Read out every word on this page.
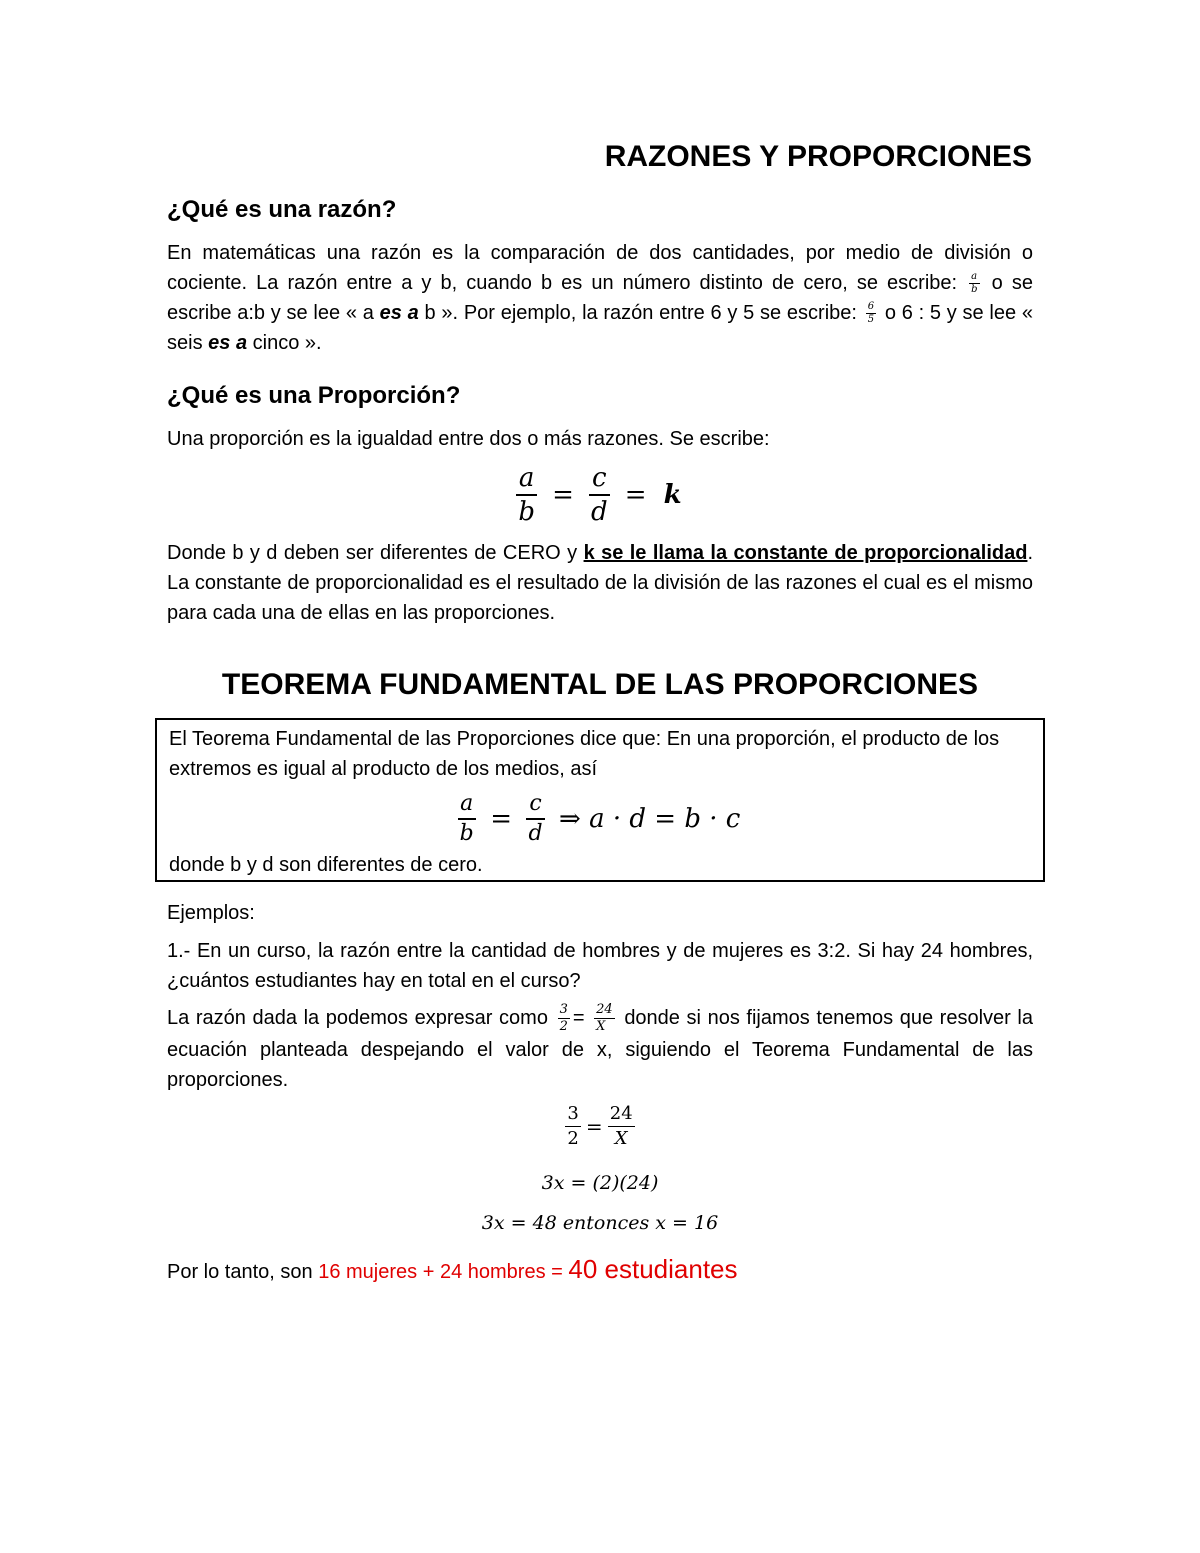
RAZONES Y PROPORCIONES
¿Qué es una razón?
En matemáticas una razón es la comparación de dos cantidades, por medio de división o cociente. La razón entre a y b, cuando b es un número distinto de cero, se escribe: $\frac{a}{b}$ o se escribe a:b y se lee « a es a b ». Por ejemplo, la razón entre 6 y 5 se escribe: $\frac{6}{5}$ o 6 : 5 y se lee « seis es a cinco ».
¿Qué es una Proporción?
Una proporción es la igualdad entre dos o más razones. Se escribe:
$\frac{a}{b} = \frac{c}{d} = k$
Donde b y d deben ser diferentes de CERO y k se le llama la constante de proporcionalidad. La constante de proporcionalidad es el resultado de la división de las razones el cual es el mismo para cada una de ellas en las proporciones.
TEOREMA FUNDAMENTAL DE LAS PROPORCIONES
El Teorema Fundamental de las Proporciones dice que: En una proporción, el producto de los extremos es igual al producto de los medios, así
$\frac{a}{b} = \frac{c}{d}$ ⇒ a · d = b · c
donde b y d son diferentes de cero.
Ejemplos:
1.- En un curso, la razón entre la cantidad de hombres y de mujeres es 3:2. Si hay 24 hombres, ¿cuántos estudiantes hay en total en el curso?
La razón dada la podemos expresar como $\frac{3}{2} = \frac{24}{X}$ donde si nos fijamos tenemos que resolver la ecuación planteada despejando el valor de x, siguiendo el Teorema Fundamental de las proporciones.
$\frac{3}{2} = \frac{24}{X}$
3x = (2)(24)
3x = 48 entonces x = 16
Por lo tanto, son 16 mujeres + 24 hombres = 40 estudiantes
